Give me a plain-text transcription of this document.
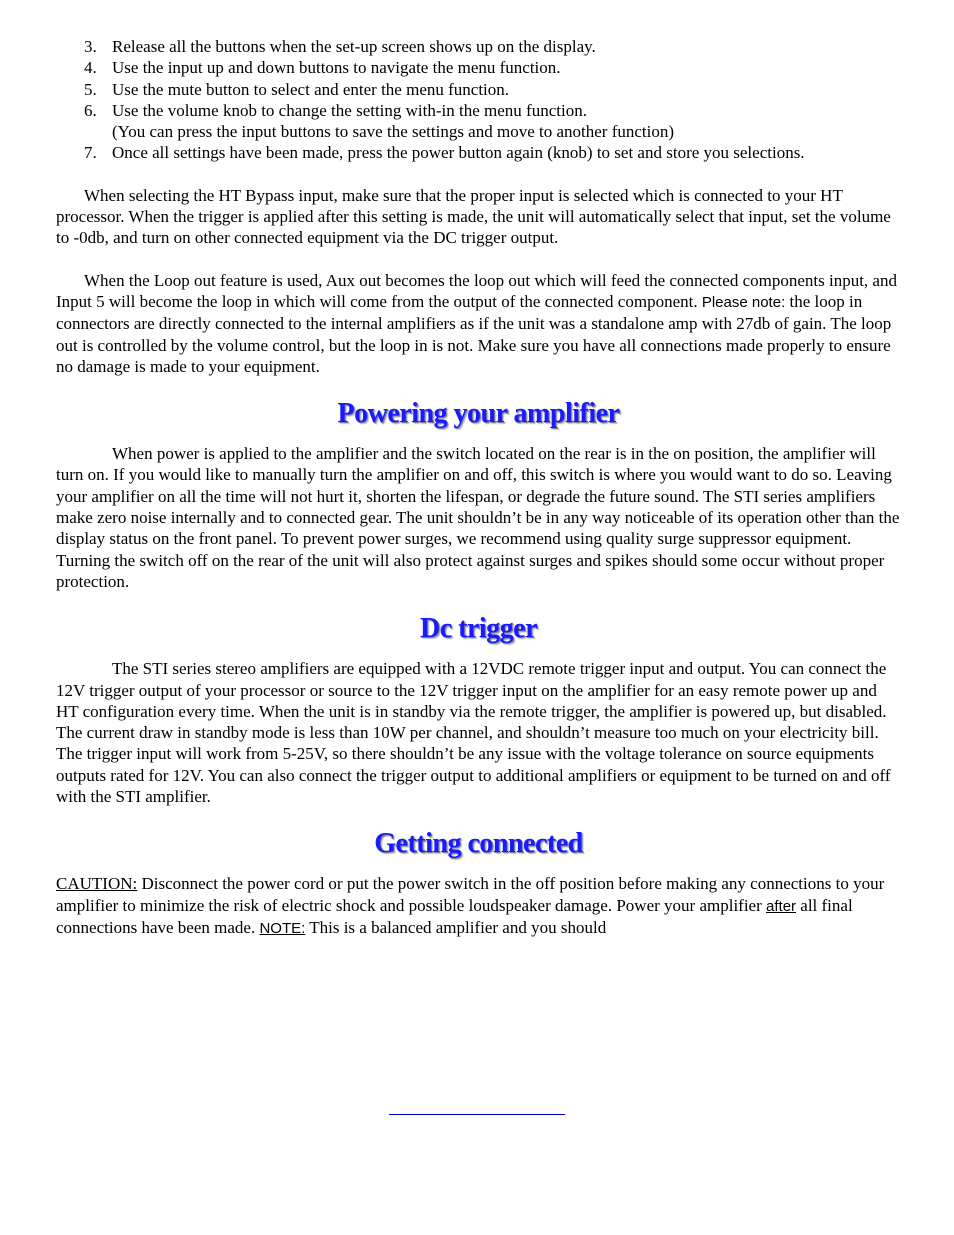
3. Release all the buttons when the set-up screen shows up on the display.
4. Use the input up and down buttons to navigate the menu function.
5. Use the mute button to select and enter the menu function.
6. Use the volume knob to change the setting with-in the menu function.
(You can press the input buttons to save the settings and move to another function)
7. Once all settings have been made, press the power button again (knob) to set and store you selections.

When selecting the HT Bypass input, make sure that the proper input is selected which is connected to your HT processor. When the trigger is applied after this setting is made, the unit will automatically select that input, set the volume to -0db, and turn on other connected equipment via the DC trigger output.

When the Loop out feature is used, Aux out becomes the loop out which will feed the connected components input, and Input 5 will become the loop in which will come from the output of the connected component. Please note: the loop in connectors are directly connected to the internal amplifiers as if the unit was a standalone amp with 27db of gain. The loop out is controlled by the volume control, but the loop in is not. Make sure you have all connections made properly to ensure no damage is made to your equipment.

Powering your amplifier

When power is applied to the amplifier and the switch located on the rear is in the on position, the amplifier will turn on. If you would like to manually turn the amplifier on and off, this switch is where you would want to do so. Leaving your amplifier on all the time will not hurt it, shorten the lifespan, or degrade the future sound. The STI series amplifiers make zero noise internally and to connected gear. The unit shouldn’t be in any way noticeable of its operation other than the display status on the front panel. To prevent power surges, we recommend using quality surge suppressor equipment. Turning the switch off on the rear of the unit will also protect against surges and spikes should some occur without proper protection.

Dc trigger

The STI series stereo amplifiers are equipped with a 12VDC remote trigger input and output. You can connect the 12V trigger output of your processor or source to the 12V trigger input on the amplifier for an easy remote power up and HT configuration every time. When the unit is in standby via the remote trigger, the amplifier is powered up, but disabled. The current draw in standby mode is less than 10W per channel, and shouldn’t measure too much on your electricity bill. The trigger input will work from 5-25V, so there shouldn’t be any issue with the voltage tolerance on source equipments outputs rated for 12V. You can also connect the trigger output to additional amplifiers or equipment to be turned on and off with the STI amplifier.

Getting connected

CAUTION: Disconnect the power cord or put the power switch in the off position before making any connections to your amplifier to minimize the risk of electric shock and possible loudspeaker damage. Power your amplifier after all final connections have been made. NOTE: This is a balanced amplifier and you should
